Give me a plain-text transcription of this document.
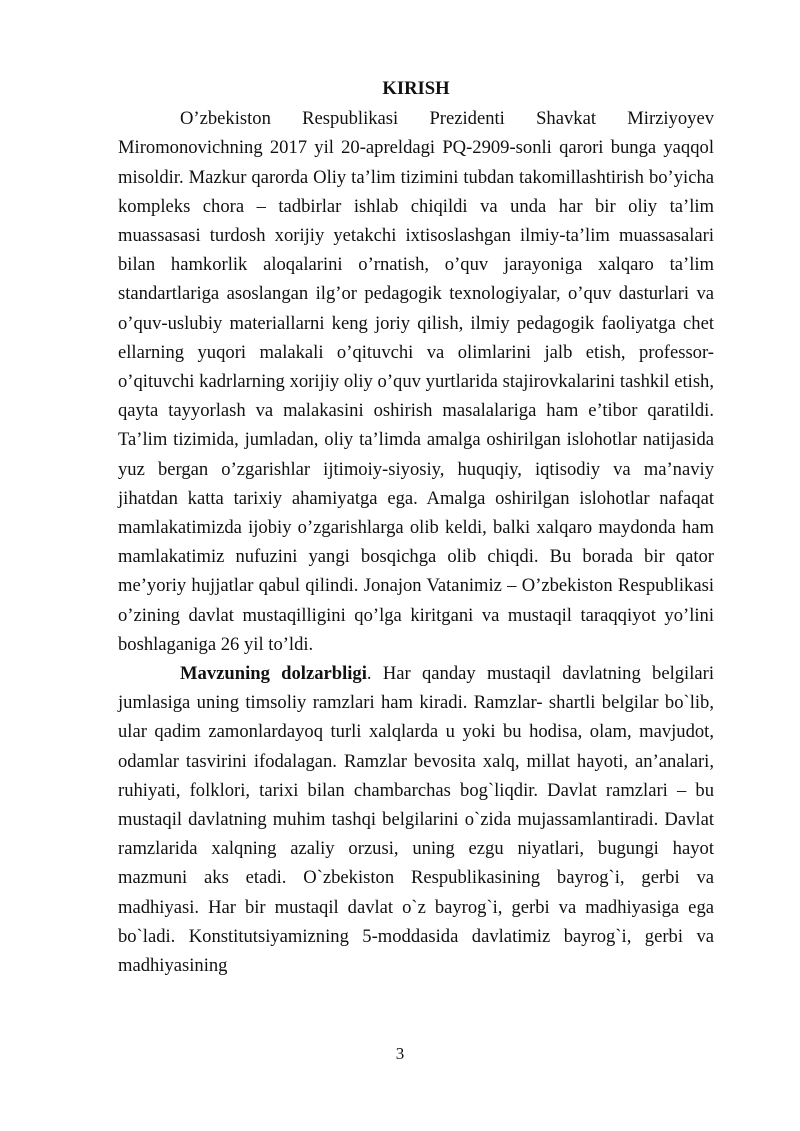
KIRISH

O’zbekiston Respublikasi Prezidenti Shavkat Mirziyoyev Miromonovichning 2017 yil 20-apreldagi PQ-2909-sonli qarori bunga yaqqol misoldir. Mazkur qarorda Oliy ta’lim tizimini tubdan takomillashtirish bo’yicha kompleks chora – tadbirlar ishlab chiqildi va unda har bir oliy ta’lim muassasasi turdosh xorijiy yetakchi ixtisoslashgan ilmiy-ta’lim muassasalari bilan hamkorlik aloqalarini o’rnatish, o’quv jarayoniga xalqaro ta’lim standartlariga asoslangan ilg’or pedagogik texnologiyalar, o’quv dasturlari va o’quv-uslubiy materiallarni keng joriy qilish, ilmiy pedagogik faoliyatga chet ellarning yuqori malakali o’qituvchi va olimlarini jalb etish, professor-o’qituvchi kadrlarning xorijiy oliy o’quv yurtlarida stajirovkalarini tashkil etish, qayta tayyorlash va malakasini oshirish masalalariga ham e’tibor qaratildi. Ta’lim tizimida, jumladan, oliy ta’limda amalga oshirilgan islohotlar natijasida yuz bergan o’zgarishlar ijtimoiy-siyosiy, huquqiy, iqtisodiy va ma’naviy jihatdan katta tarixiy ahamiyatga ega. Amalga oshirilgan islohotlar nafaqat mamlakatimizda ijobiy o’zgarishlarga olib keldi, balki xalqaro maydonda ham mamlakatimiz nufuzini yangi bosqichga olib chiqdi. Bu borada bir qator me’yoriy hujjatlar qabul qilindi. Jonajon Vatanimiz – O’zbekiston Respublikasi o’zining davlat mustaqilligini qo’lga kiritgani va mustaqil taraqqiyot yo’lini boshlaganiga 26 yil to’ldi.

Mavzuning dolzarbligi. Har qanday mustaqil davlatning belgilari jumlasiga uning timsoliy ramzlari ham kiradi. Ramzlar- shartli belgilar bo`lib, ular qadim zamonlardayoq turli xalqlarda u yoki bu hodisa, olam, mavjudot, odamlar tasvirini ifodalagan. Ramzlar bevosita xalq, millat hayoti, an’analari, ruhiyati, folklori, tarixi bilan chambarchas bog`liqdir. Davlat ramzlari – bu mustaqil davlatning muhim tashqi belgilarini o`zida mujassamlantiradi. Davlat ramzlarida xalqning azaliy orzusi, uning ezgu niyatlari, bugungi hayot mazmuni aks etadi. O`zbekiston Respublikasining bayrog`i, gerbi va madhiyasi. Har bir mustaqil davlat o`z bayrog`i, gerbi va madhiyasiga ega bo`ladi. Konstitutsiyamizning 5-moddasida davlatimiz bayrog`i, gerbi va madhiyasining

3
